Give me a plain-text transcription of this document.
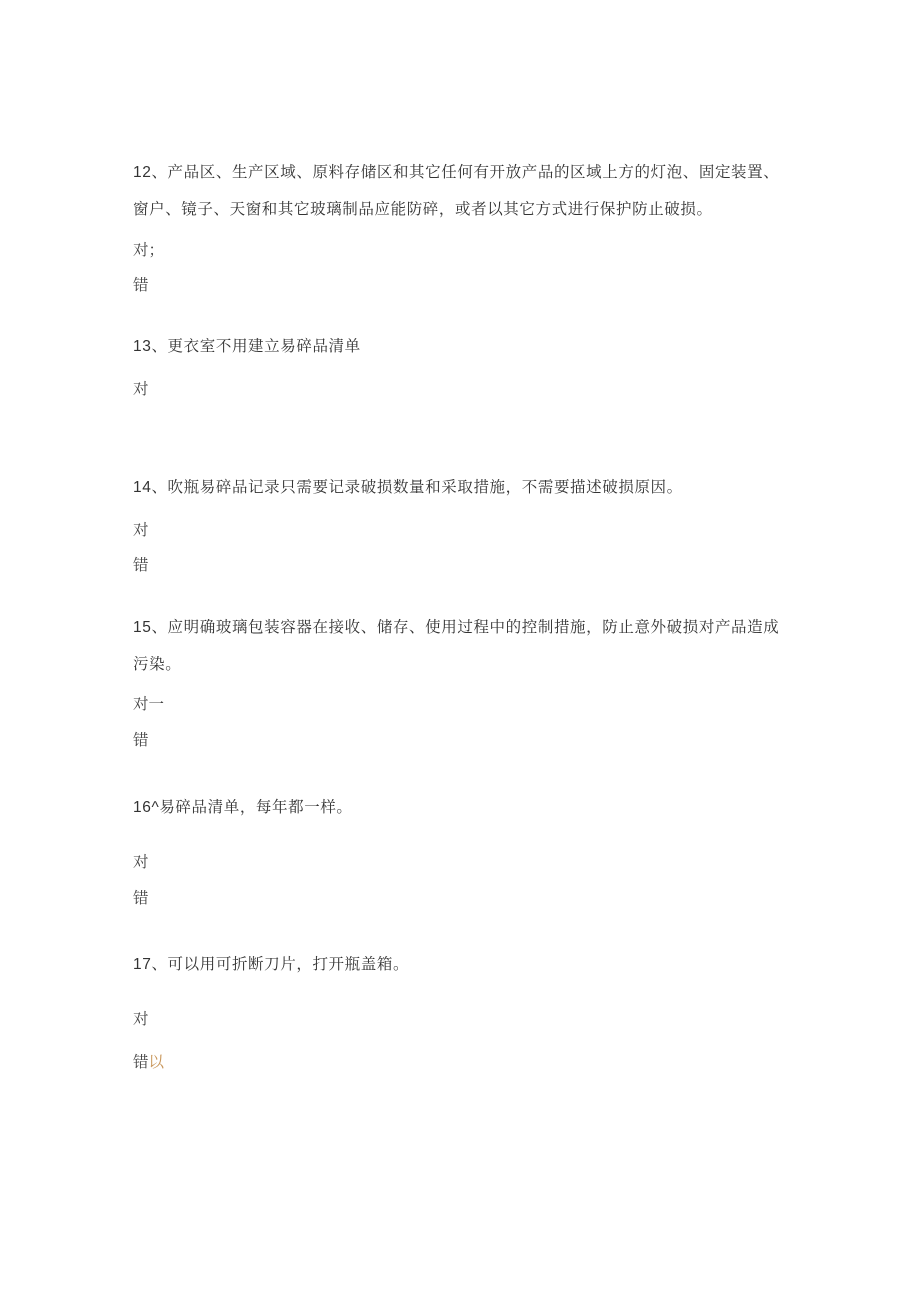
12、产品区、生产区域、原料存储区和其它任何有开放产品的区域上方的灯泡、固定装置、窗户、镜子、天窗和其它玻璃制品应能防碎，或者以其它方式进行保护防止破损。
对；
错
13、更衣室不用建立易碎品清单
对
14、吹瓶易碎品记录只需要记录破损数量和采取措施，不需要描述破损原因。
对
错
15、应明确玻璃包装容器在接收、储存、使用过程中的控制措施，防止意外破损对产品造成污染。
对一
错
16^易碎品清单，每年都一样。
对
错
17、可以用可折断刀片，打开瓶盖箱。
对
错以
